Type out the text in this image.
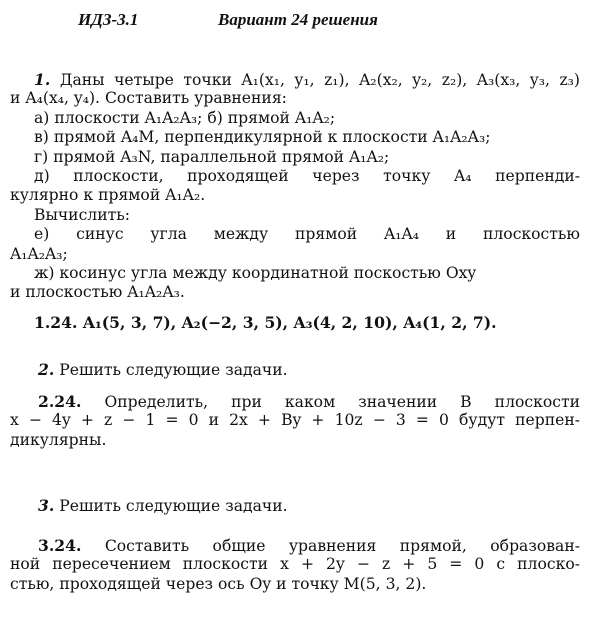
ИДЗ-3.1	Вариант 24 решения
1. Даны четыре точки A₁(x₁, y₁, z₁), A₂(x₂, y₂, z₂), A₃(x₃, y₃, z₃)
и A₄(x₄, y₄). Составить уравнения:
а) плоскости A₁A₂A₃; б) прямой A₁A₂;
в) прямой A₄M, перпендикулярной к плоскости A₁A₂A₃;
г) прямой A₃N, параллельной прямой A₁A₂;
д) плоскости, проходящей через точку A₄ перпенди-
кулярно к прямой A₁A₂.
Вычислить:
е) синус угла между прямой A₁A₄ и плоскостью
A₁A₂A₃;
ж) косинус угла между координатной поскостью Oxy
и плоскостью A₁A₂A₃.
1.24. A₁(5, 3, 7), A₂(−2, 3, 5), A₃(4, 2, 10), A₄(1, 2, 7).
2. Решить следующие задачи.
2.24. Определить, при каком значении B плоскости
x − 4y + z − 1 = 0 и 2x + By + 10z − 3 = 0 будут перпен-
дикулярны.
3. Решить следующие задачи.
3.24. Составить общие уравнения прямой, образован-
ной пересечением плоскости x + 2y − z + 5 = 0 с плоско-
стью, проходящей через ось Oy и точку M(5, 3, 2).
